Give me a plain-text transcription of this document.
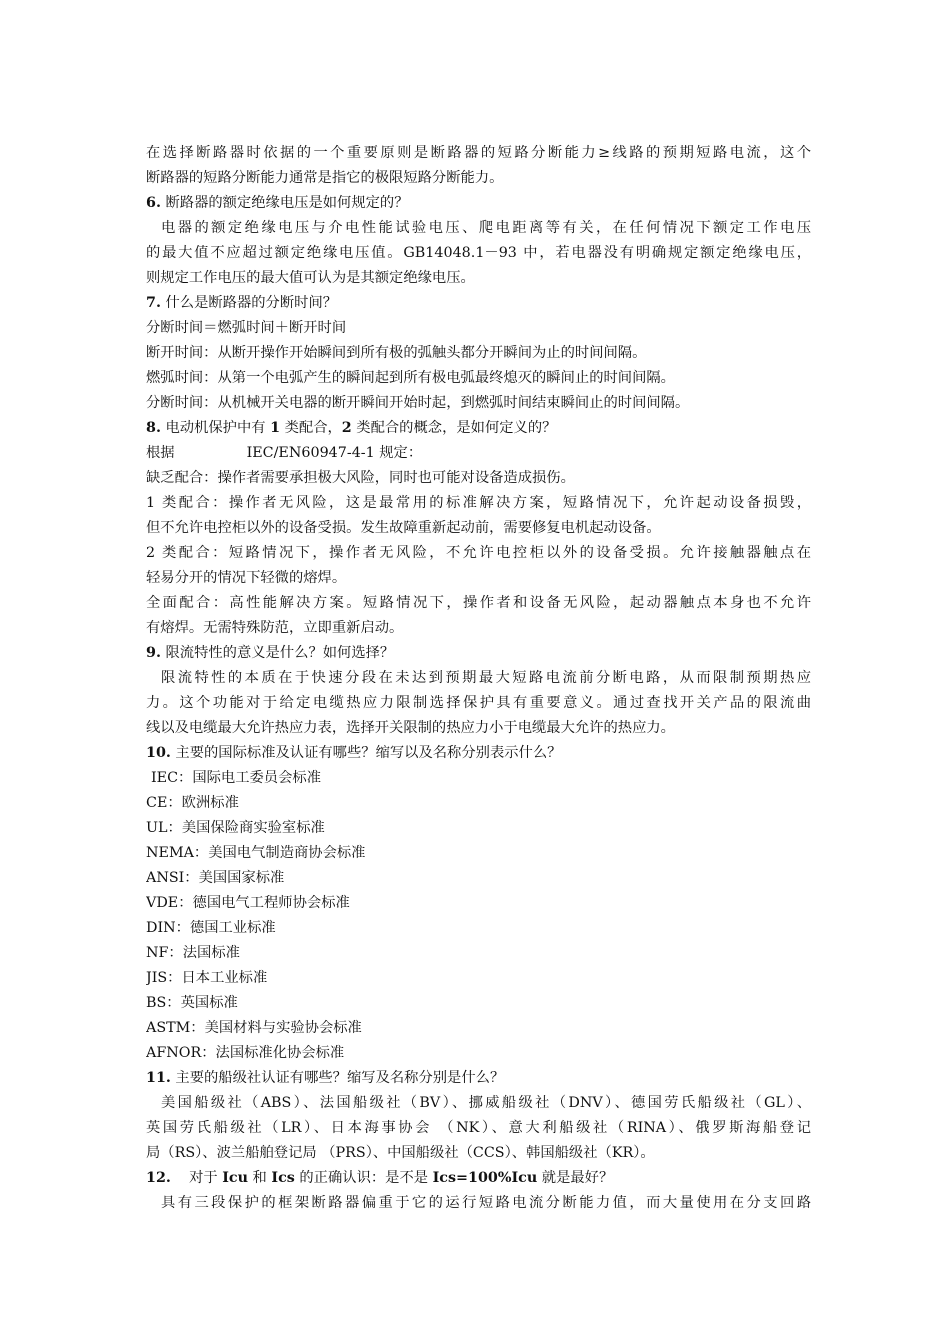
在选择断路器时依据的一个重要原则是断路器的短路分断能力≥线路的预期短路电流，这个
断路器的短路分断能力通常是指它的极限短路分断能力。
6. 断路器的额定绝缘电压是如何规定的？
电器的额定绝缘电压与介电性能试验电压、爬电距离等有关，在任何情况下额定工作电压
的最大值不应超过额定绝缘电压值。GB14048.1－93 中，若电器没有明确规定额定绝缘电压，
则规定工作电压的最大值可认为是其额定绝缘电压。
7. 什么是断路器的分断时间？
分断时间＝燃弧时间＋断开时间
断开时间：从断开操作开始瞬间到所有极的弧触头都分开瞬间为止的时间间隔。
燃弧时间：从第一个电弧产生的瞬间起到所有极电弧最终熄灭的瞬间止的时间间隔。
分断时间：从机械开关电器的断开瞬间开始时起，到燃弧时间结束瞬间止的时间间隔。
8. 电动机保护中有 1 类配合，2 类配合的概念，是如何定义的？
根据	IEC/EN60947-4-1 规定：
缺乏配合：操作者需要承担极大风险，同时也可能对设备造成损伤。
1 类配合：操作者无风险，这是最常用的标准解决方案，短路情况下，允许起动设备损毁，
但不允许电控柜以外的设备受损。发生故障重新起动前，需要修复电机起动设备。
2 类配合：短路情况下，操作者无风险，不允许电控柜以外的设备受损。允许接触器触点在
轻易分开的情况下轻微的熔焊。
全面配合：高性能解决方案。短路情况下，操作者和设备无风险，起动器触点本身也不允许
有熔焊。无需特殊防范，立即重新启动。
9. 限流特性的意义是什么？如何选择？
限流特性的本质在于快速分段在未达到预期最大短路电流前分断电路，从而限制预期热应
力。这个功能对于给定电缆热应力限制选择保护具有重要意义。通过查找开关产品的限流曲
线以及电缆最大允许热应力表，选择开关限制的热应力小于电缆最大允许的热应力。
10. 主要的国际标准及认证有哪些？缩写以及名称分别表示什么？
IEC：国际电工委员会标准
CE：欧洲标准
UL：美国保险商实验室标准
NEMA：美国电气制造商协会标准
ANSI：美国国家标准
VDE：德国电气工程师协会标准
DIN：德国工业标准
NF：法国标准
JIS：日本工业标准
BS：英国标准
ASTM：美国材料与实验协会标准
AFNOR：法国标准化协会标准
11. 主要的船级社认证有哪些？缩写及名称分别是什么？
美国船级社（ABS）、法国船级社（BV）、挪威船级社（DNV）、德国劳氏船级社（GL）、
英国劳氏船级社（LR）、日本海事协会 （NK）、意大利船级社（RINA）、俄罗斯海船登记
局（RS）、波兰船舶登记局 （PRS）、中国船级社（CCS）、韩国船级社（KR）。
12. 对于 Icu 和 Ics 的正确认识：是不是 Ics=100%Icu 就是最好？
具有三段保护的框架断路器偏重于它的运行短路电流分断能力值，而大量使用在分支回路
